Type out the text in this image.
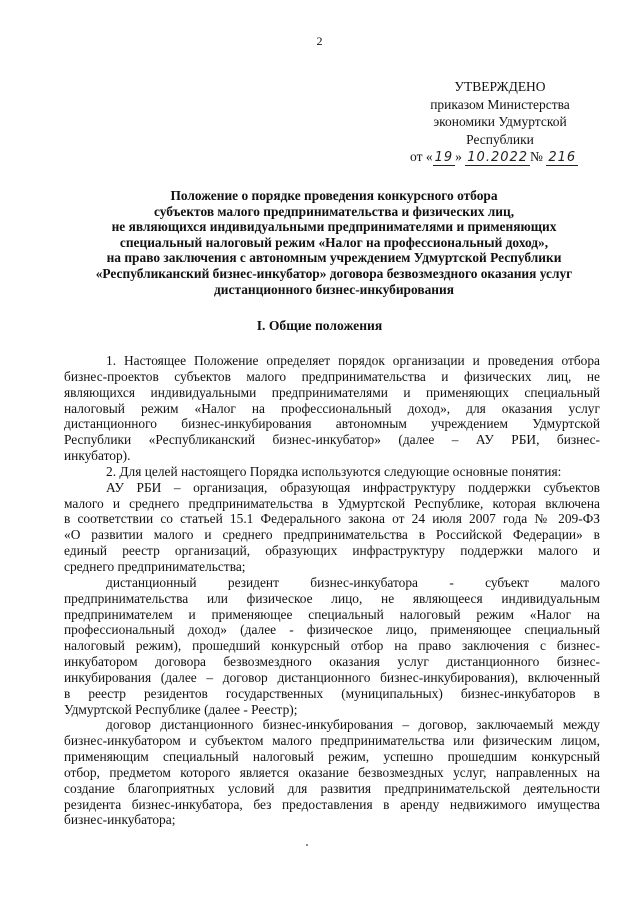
2
УТВЕРЖДЕНО
приказом Министерства
экономики Удмуртской
Республики
от « 19 » 10.2022 № 216
Положение о порядке проведения конкурсного отбора
субъектов малого предпринимательства и физических лиц,
не являющихся индивидуальными предпринимателями и применяющих
специальный налоговый режим «Налог на профессиональный доход»,
на право заключения с автономным учреждением Удмуртской Республики
«Республиканский бизнес-инкубатор» договора безвозмездного оказания услуг
дистанционного бизнес-инкубирования
I. Общие положения
1. Настоящее Положение определяет порядок организации и проведения отбора
бизнес-проектов субъектов малого предпринимательства и физических лиц, не
являющихся индивидуальными предпринимателями и применяющих специальный
налоговый режим «Налог на профессиональный доход», для оказания услуг
дистанционного бизнес-инкубирования автономным учреждением Удмуртской
Республики «Республиканский бизнес-инкубатор» (далее – АУ РБИ, бизнес-
инкубатор).
2. Для целей настоящего Порядка используются следующие основные понятия:
АУ РБИ – организация, образующая инфраструктуру поддержки субъектов
малого и среднего предпринимательства в Удмуртской Республике, которая включена
в соответствии со статьей 15.1 Федерального закона от 24 июля 2007 года № 209-ФЗ
«О развитии малого и среднего предпринимательства в Российской Федерации» в
единый реестр организаций, образующих инфраструктуру поддержки малого и
среднего предпринимательства;
дистанционный резидент бизнес-инкубатора - субъект малого
предпринимательства или физическое лицо, не являющееся индивидуальным
предпринимателем и применяющее специальный налоговый режим «Налог на
профессиональный доход» (далее - физическое лицо, применяющее специальный
налоговый режим), прошедший конкурсный отбор на право заключения с бизнес-
инкубатором договора безвозмездного оказания услуг дистанционного бизнес-
инкубирования (далее – договор дистанционного бизнес-инкубирования), включенный
в реестр резидентов государственных (муниципальных) бизнес-инкубаторов в
Удмуртской Республике (далее - Реестр);
договор дистанционного бизнес-инкубирования – договор, заключаемый между
бизнес-инкубатором и субъектом малого предпринимательства или физическим лицом,
применяющим специальный налоговый режим, успешно прошедшим конкурсный
отбор, предметом которого является оказание безвозмездных услуг, направленных на
создание благоприятных условий для развития предпринимательской деятельности
резидента бизнес-инкубатора, без предоставления в аренду недвижимого имущества
бизнес-инкубатора;
